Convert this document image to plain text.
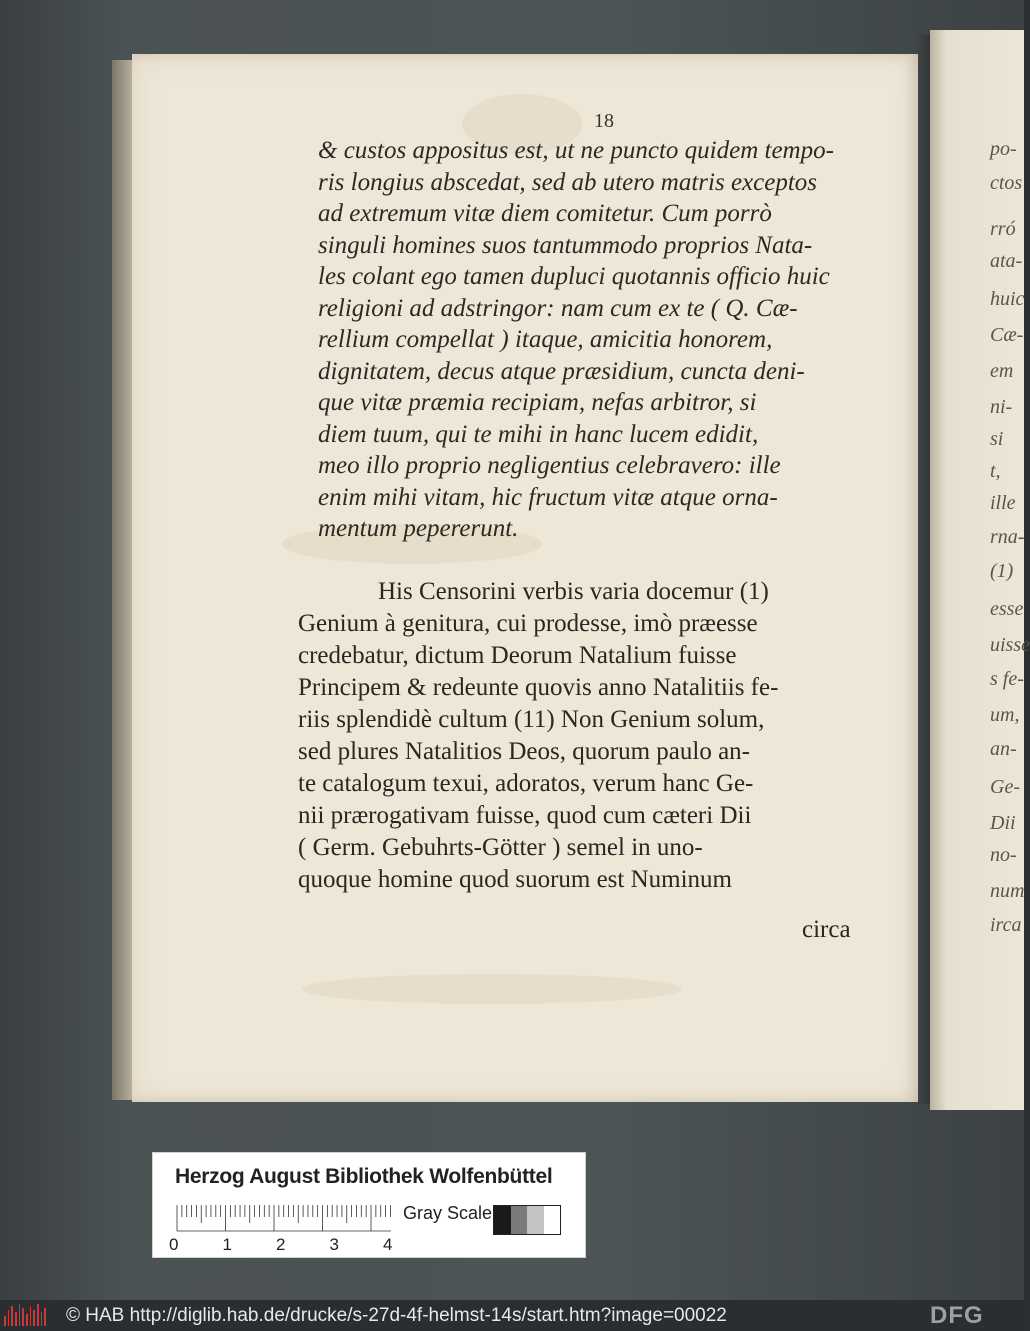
po-
ctos
rró
ata-
huic
Cæ-
em
ni-
si
t,
ille
rna-
(1)
esse
uisse
s fe-
um,
an-
Ge-
Dii
no-
num
irca
18
& custos appositus est, ut ne puncto quidem tempo-
ris longius abscedat, sed ab utero matris exceptos
ad extremum vitæ diem comitetur. Cum porrò
singuli homines suos tantummodo proprios Nata-
les colant ego tamen dupluci quotannis officio huic
religioni ad adstringor: nam cum ex te ( Q. Cæ-
rellium compellat ) itaque, amicitia honorem,
dignitatem, decus atque præsidium, cuncta deni-
que vitæ præmia recipiam, nefas arbitror, si
diem tuum, qui te mihi in hanc lucem edidit,
meo illo proprio negligentius celebravero: ille
enim mihi vitam, hic fructum vitæ atque orna-
mentum pepererunt.
His Censorini verbis varia docemur (1)
Genium à genitura, cui prodesse, imò præesse
credebatur, dictum Deorum Natalium fuisse
Principem & redeunte quovis anno Natalitiis fe-
riis splendidè cultum (11) Non Genium solum,
sed plures Natalitios Deos, quorum paulo an-
te catalogum texui, adoratos, verum hanc Ge-
nii prærogativam fuisse, quod cum cæteri Dii
( Germ. Gebuhrts-Götter ) semel in uno-
quoque homine quod suorum est Numinum
circa
Herzog August Bibliothek Wolfenbüttel
0	1	2	3	4
Gray Scale
© HAB http://diglib.hab.de/drucke/s-27d-4f-helmst-14s/start.htm?image=00022	DFG
